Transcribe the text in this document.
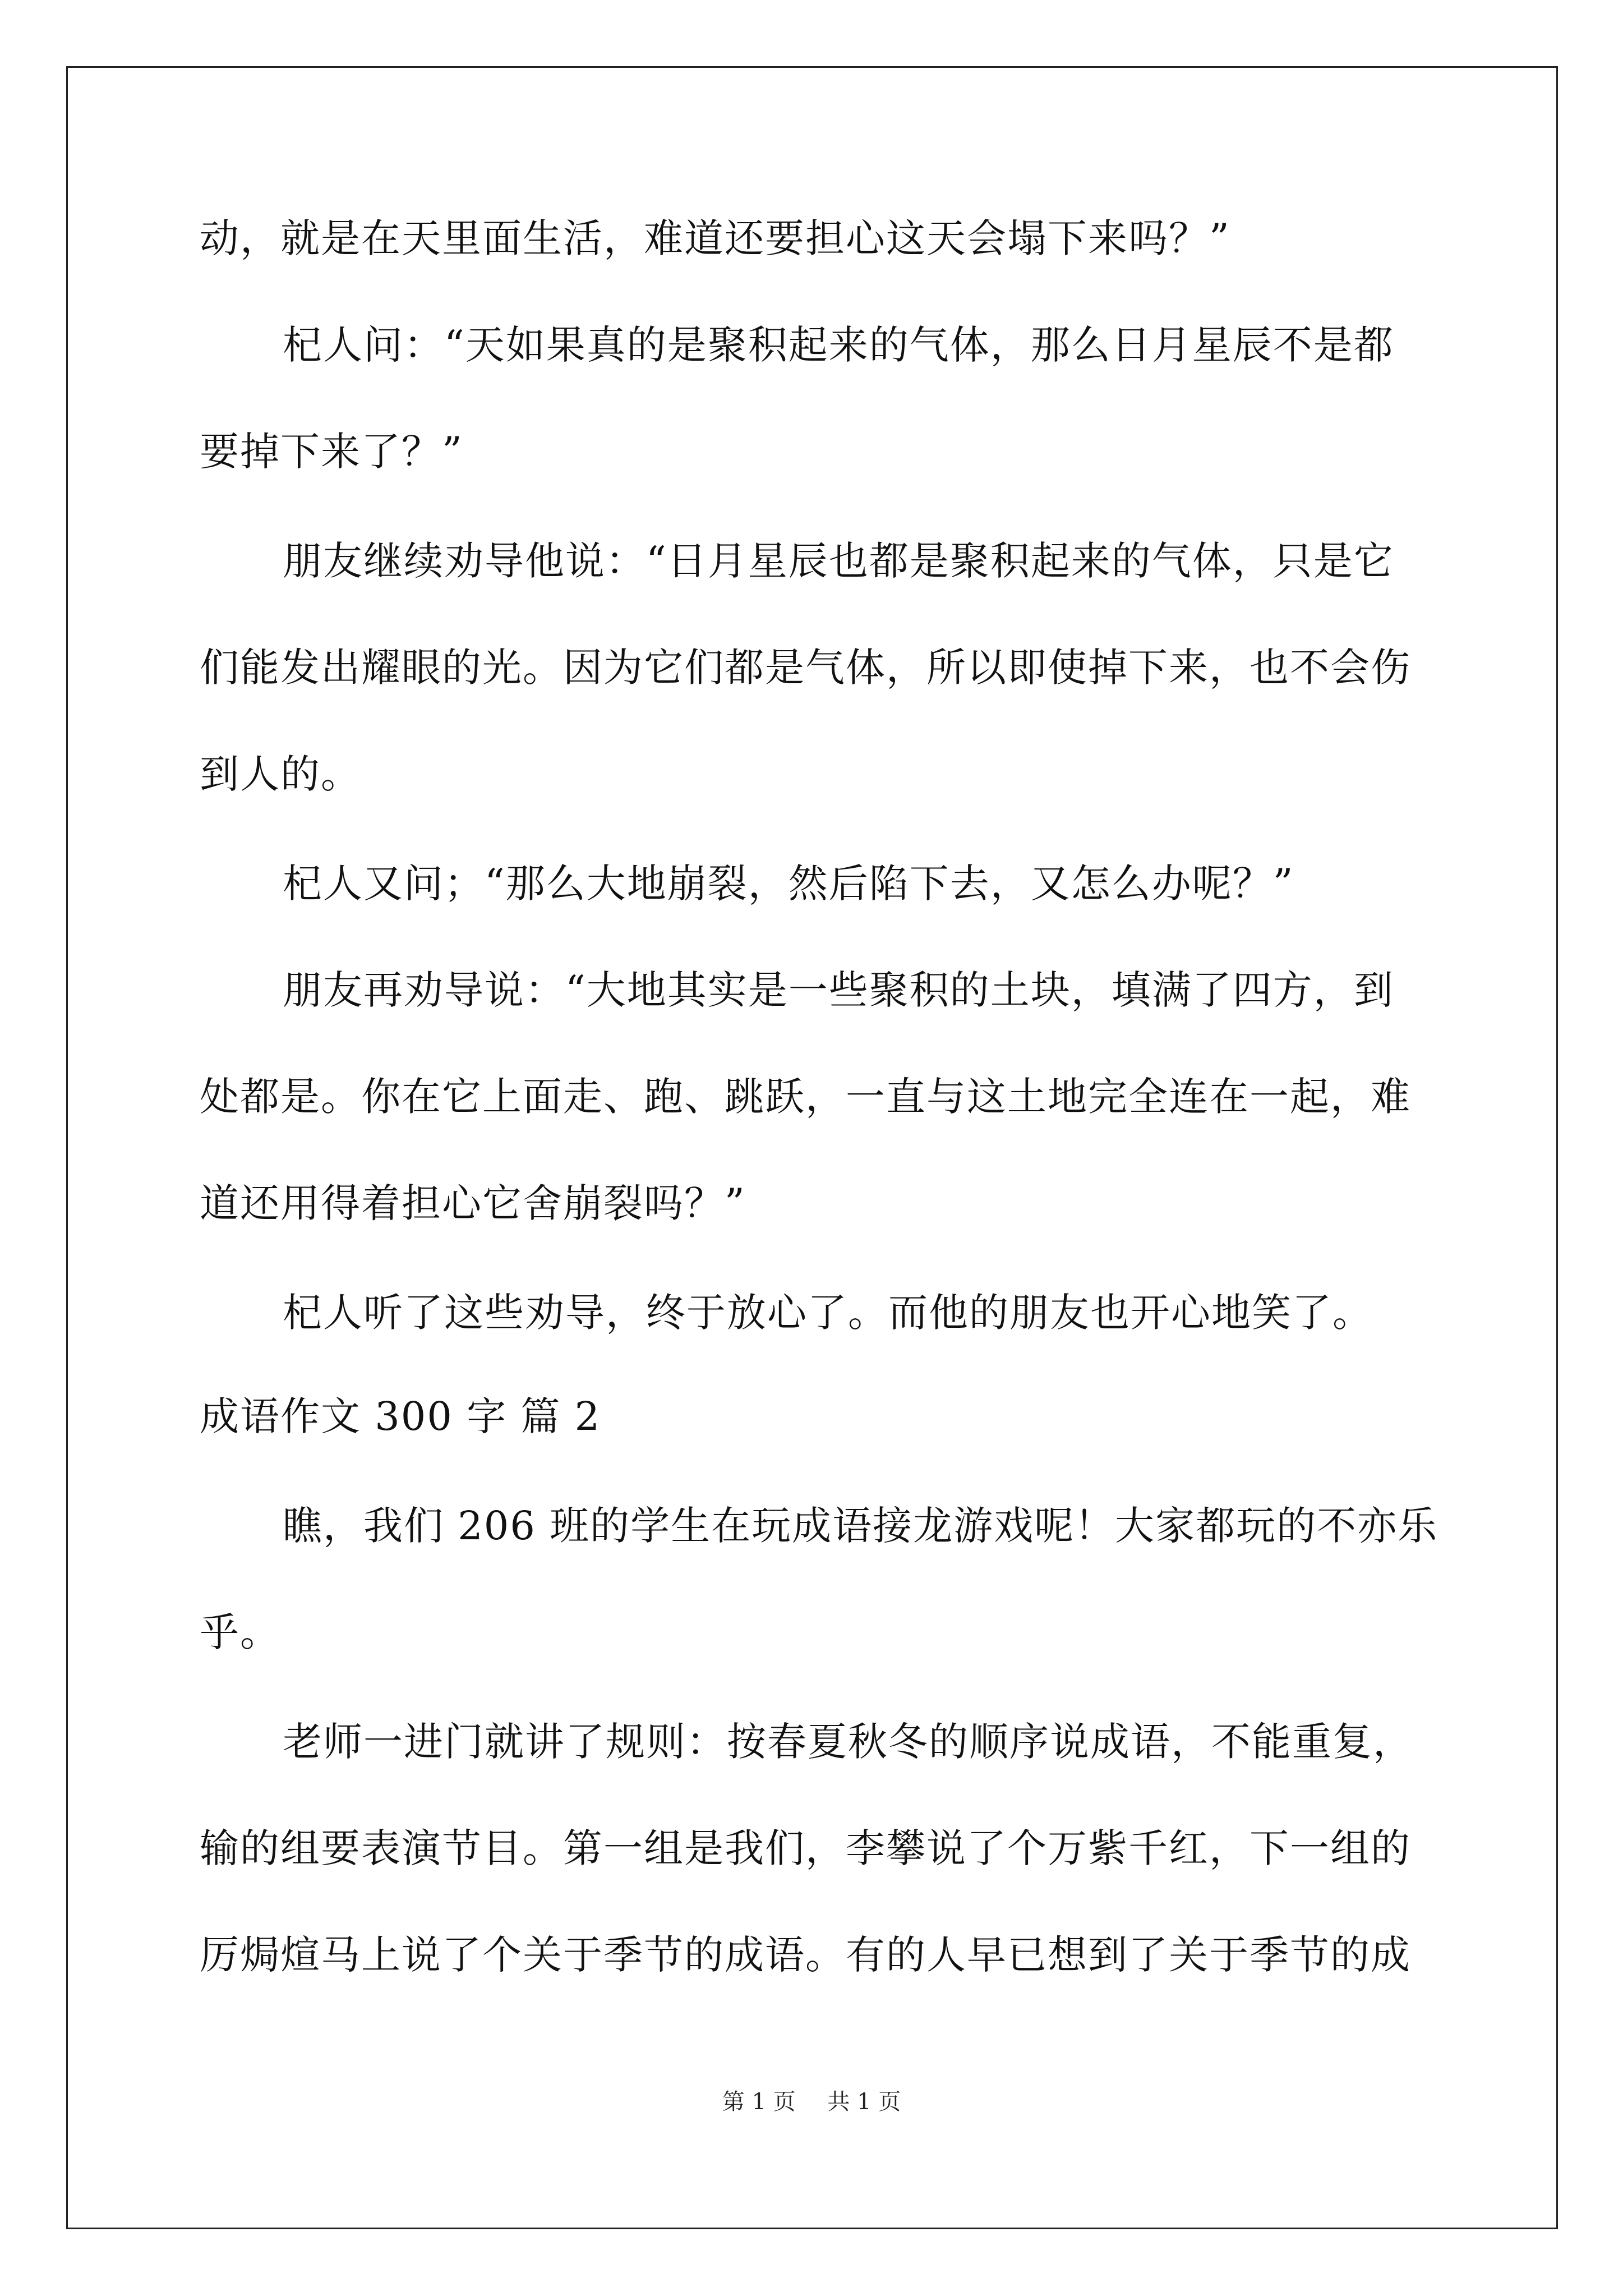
动，就是在天里面生活，难道还要担心这天会塌下来吗？”
杞人问：“天如果真的是聚积起来的气体，那么日月星辰不是都
要掉下来了？”
朋友继续劝导他说：“日月星辰也都是聚积起来的气体，只是它
们能发出耀眼的光。因为它们都是气体，所以即使掉下来，也不会伤
到人的。
杞人又问；“那么大地崩裂，然后陷下去，又怎么办呢？”
朋友再劝导说：“大地其实是一些聚积的土块，填满了四方，到
处都是。你在它上面走、跑、跳跃，一直与这土地完全连在一起，难
道还用得着担心它舍崩裂吗？”
杞人听了这些劝导，终于放心了。而他的朋友也开心地笑了。
成语作文 300 字 篇 2
瞧，我们 206 班的学生在玩成语接龙游戏呢！大家都玩的不亦乐
乎。
老师一进门就讲了规则：按春夏秋冬的顺序说成语，不能重复，
输的组要表演节目。第一组是我们，李攀说了个万紫千红，下一组的
厉焗煊马上说了个关于季节的成语。有的人早已想到了关于季节的成
第 1 页 共 1 页
